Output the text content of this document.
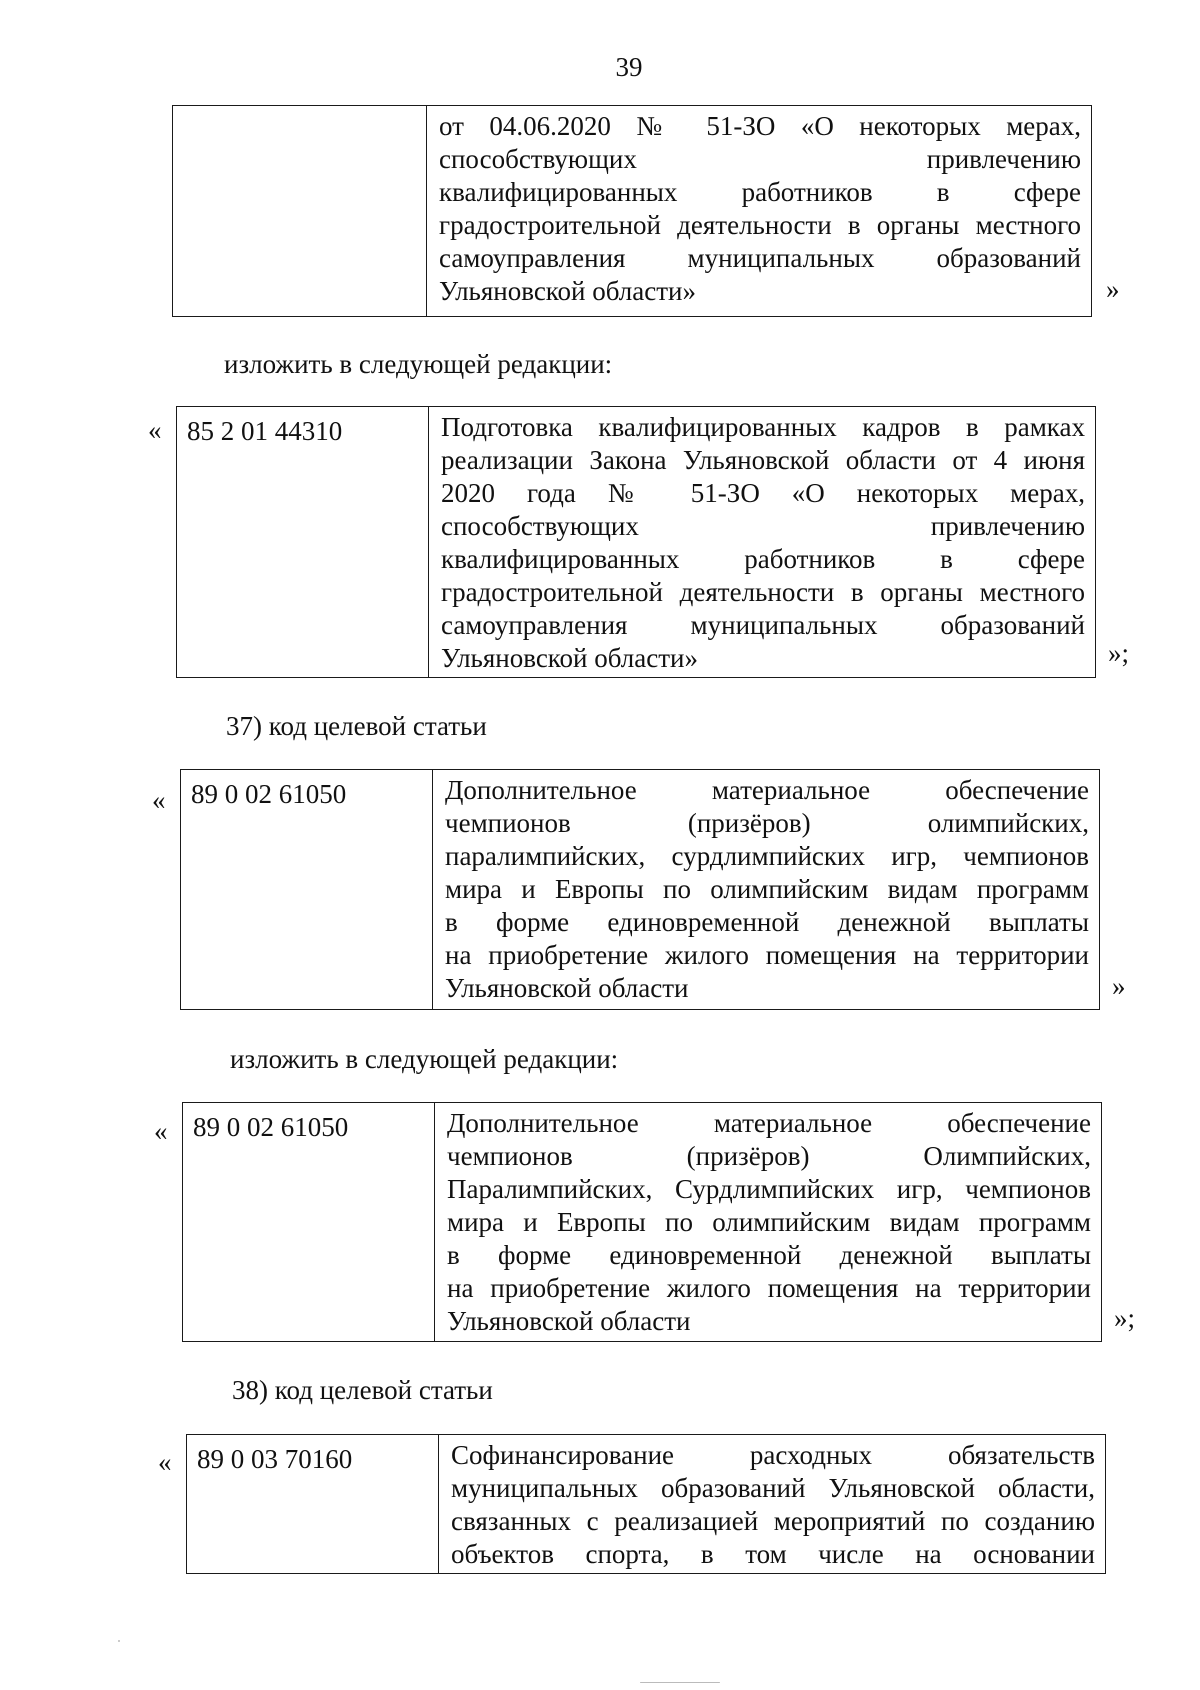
39
от 04.06.2020 № 51-ЗО «О некоторых мерах,
способствующих привлечению
квалифицированных работников в сфере
градостроительной деятельности в органы местного
самоуправления муниципальных образований
Ульяновской области»	»
изложить в следующей редакции:
« 85 2 01 44310	Подготовка квалифицированных кадров в рамках
реализации Закона Ульяновской области от 4 июня
2020 года № 51-ЗО «О некоторых мерах,
способствующих привлечению
квалифицированных работников в сфере
градостроительной деятельности в органы местного
самоуправления муниципальных образований
Ульяновской области»	»;
37) код целевой статьи
« 89 0 02 61050	Дополнительное материальное обеспечение
чемпионов (призёров) олимпийских,
паралимпийских, сурдлимпийских игр, чемпионов
мира и Европы по олимпийским видам программ
в форме единовременной денежной выплаты
на приобретение жилого помещения на территории
Ульяновской области	»
изложить в следующей редакции:
« 89 0 02 61050	Дополнительное материальное обеспечение
чемпионов (призёров) Олимпийских,
Паралимпийских, Сурдлимпийских игр, чемпионов
мира и Европы по олимпийским видам программ
в форме единовременной денежной выплаты
на приобретение жилого помещения на территории
Ульяновской области	»;
38) код целевой статьи
« 89 0 03 70160	Софинансирование расходных обязательств
муниципальных образований Ульяновской области,
связанных с реализацией мероприятий по созданию
объектов спорта, в том числе на основании
